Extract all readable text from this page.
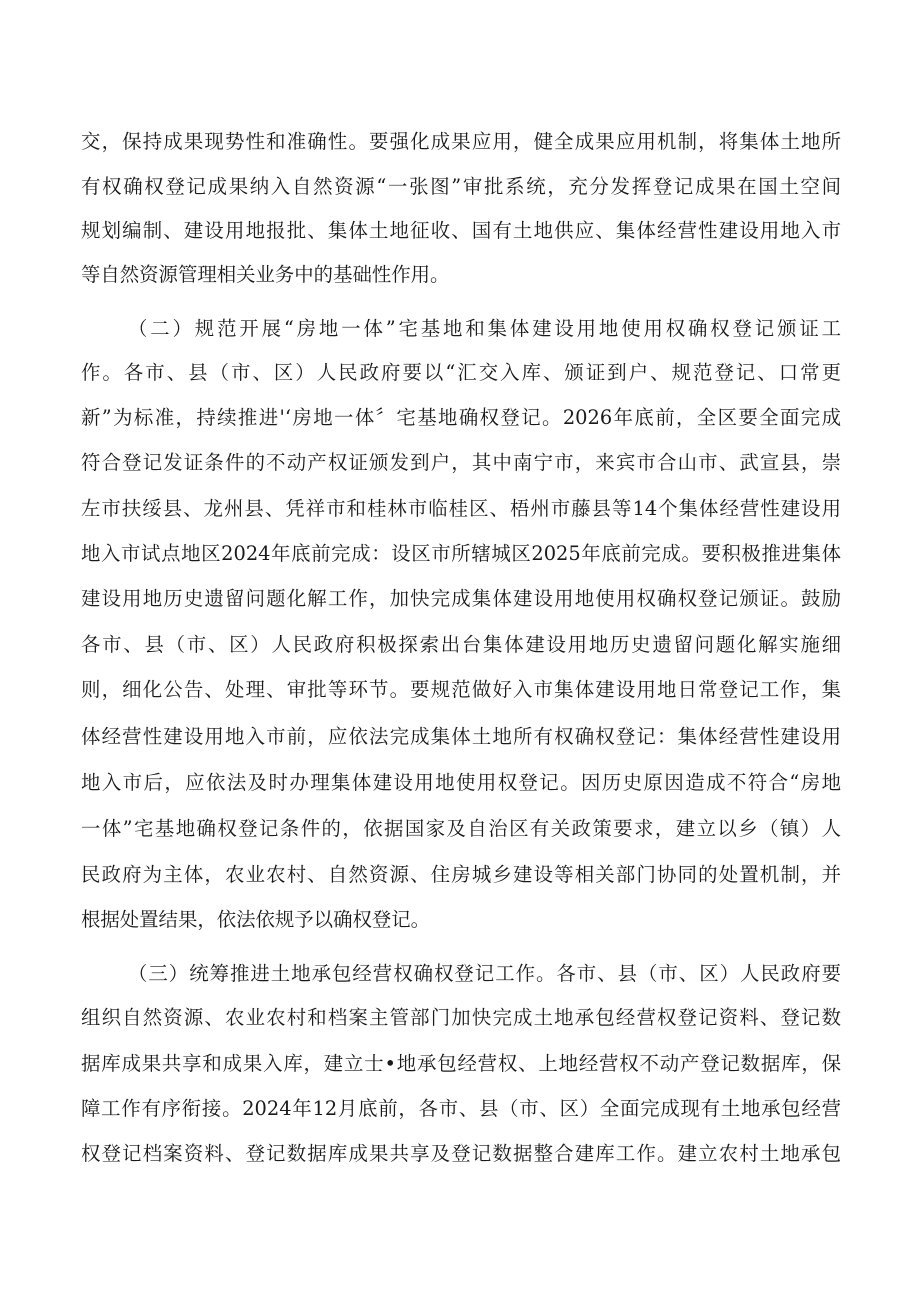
交，保持成果现势性和准确性。要强化成果应用，健全成果应用机制，将集体土地所
有权确权登记成果纳入自然资源“一张图”审批系统，充分发挥登记成果在国土空间
规划编制、建设用地报批、集体土地征收、国有土地供应、集体经营性建设用地入市
等自然资源管理相关业务中的基础性作用。
（二）规范开展“房地一体”宅基地和集体建设用地使用权确权登记颁证工
作。各市、县（市、区）人民政府要以“汇交入库、颁证到户、规范登记、口常更
新”为标准，持续推进'‘房地一体〞宅基地确权登记。2026年底前，全区要全面完成
符合登记发证条件的不动产权证颁发到户，其中南宁市，来宾市合山市、武宣县，崇
左市扶绥县、龙州县、凭祥市和桂林市临桂区、梧州市藤县等14个集体经营性建设用
地入市试点地区2024年底前完成：设区市所辖城区2025年底前完成。要积极推进集体
建设用地历史遗留问题化解工作，加快完成集体建设用地使用权确权登记颁证。鼓励
各市、县（市、区）人民政府积极探索出台集体建设用地历史遗留问题化解实施细
则，细化公告、处理、审批等环节。要规范做好入市集体建设用地日常登记工作，集
体经营性建设用地入市前，应依法完成集体土地所有权确权登记：集体经营性建设用
地入市后，应依法及时办理集体建设用地使用权登记。因历史原因造成不符合“房地
一体”宅基地确权登记条件的，依据国家及自治区有关政策要求，建立以乡（镇）人
民政府为主体，农业农村、自然资源、住房城乡建设等相关部门协同的处置机制，并
根据处置结果，依法依规予以确权登记。
（三）统筹推进土地承包经营权确权登记工作。各市、县（市、区）人民政府要
组织自然资源、农业农村和档案主管部门加快完成土地承包经营权登记资料、登记数
据库成果共享和成果入库，建立士•地承包经营权、上地经营权不动产登记数据库，保
障工作有序衔接。2024年12月底前，各市、县（市、区）全面完成现有土地承包经营
权登记档案资料、登记数据库成果共享及登记数据整合建库工作。建立农村土地承包
